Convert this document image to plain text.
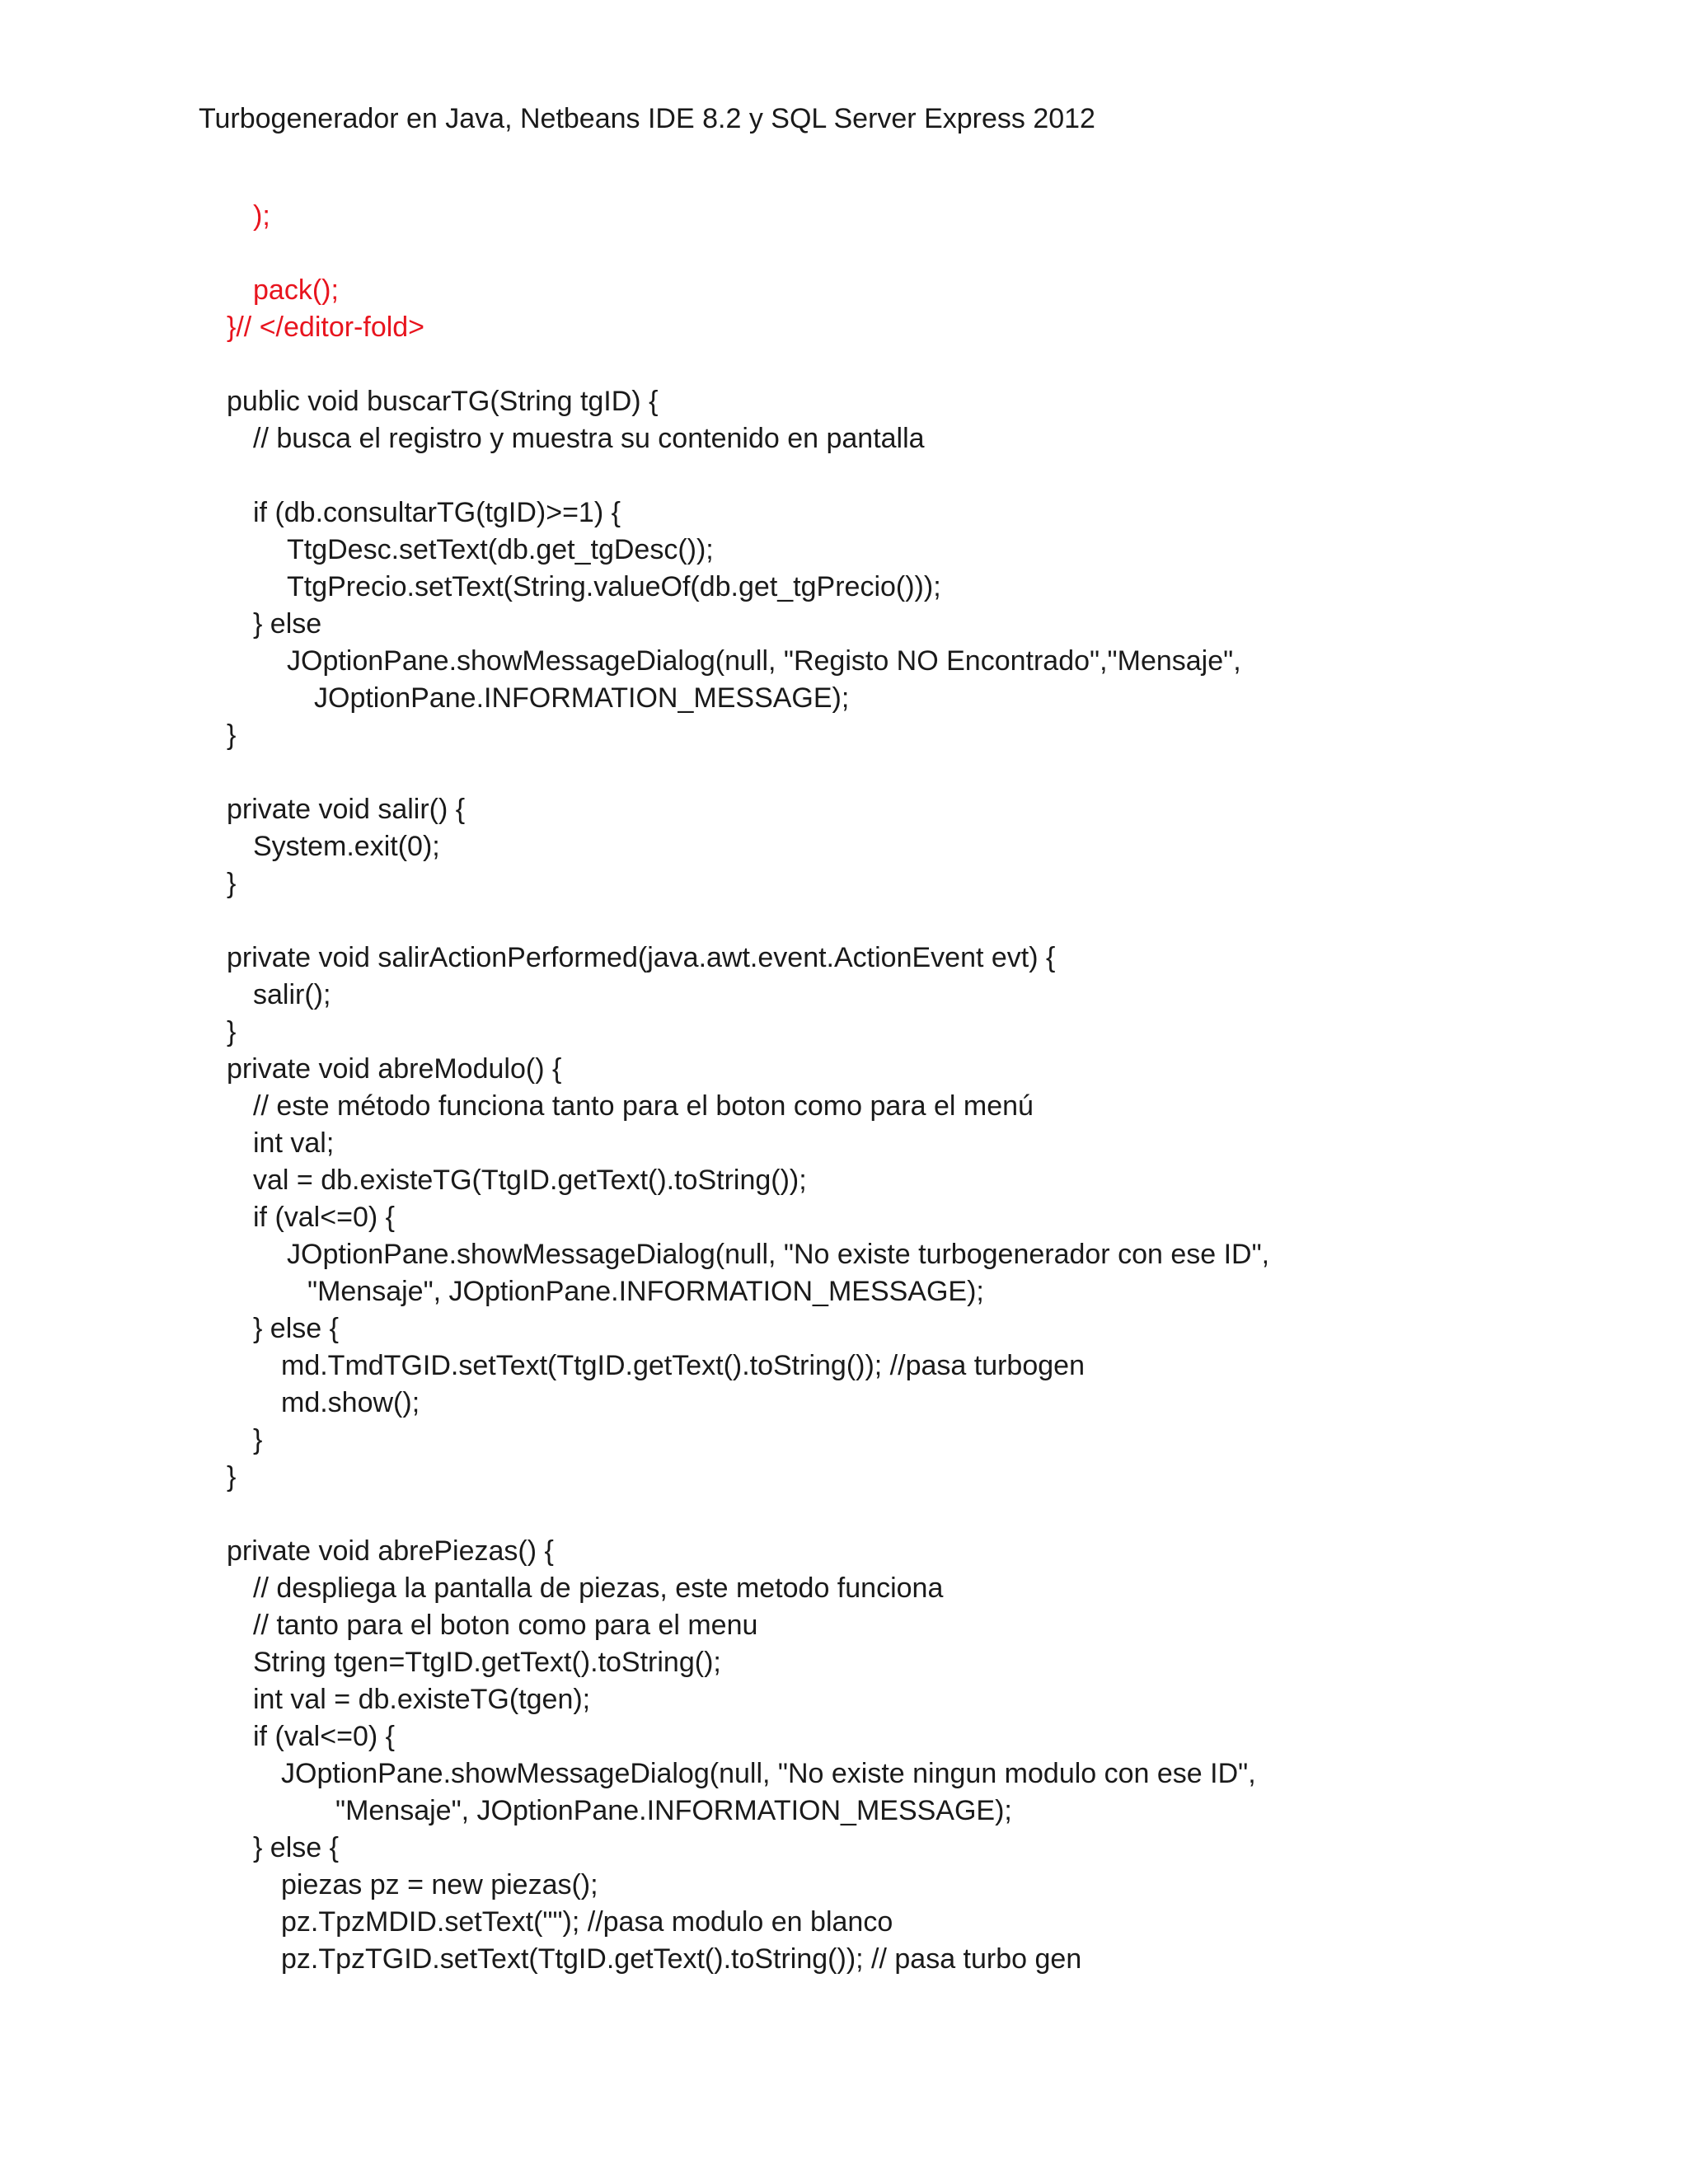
Turbogenerador en Java, Netbeans IDE 8.2 y SQL Server Express 2012
);
pack();
}// </editor-fold>
public void buscarTG(String tgID) {
// busca el registro y muestra su contenido en pantalla
if (db.consultarTG(tgID)>=1) {
TtgDesc.setText(db.get_tgDesc());
TtgPrecio.setText(String.valueOf(db.get_tgPrecio()));
} else
JOptionPane.showMessageDialog(null, "Registo NO Encontrado","Mensaje",
JOptionPane.INFORMATION_MESSAGE);
}
private void salir() {
System.exit(0);
}
private void salirActionPerformed(java.awt.event.ActionEvent evt) {
salir();
}
private void abreModulo() {
// este método funciona tanto para el boton como para el menú
int val;
val = db.existeTG(TtgID.getText().toString());
if (val<=0) {
JOptionPane.showMessageDialog(null, "No existe turbogenerador con ese ID",
"Mensaje", JOptionPane.INFORMATION_MESSAGE);
} else {
md.TmdTGID.setText(TtgID.getText().toString()); //pasa turbogen
md.show();
}
}
private void abrePiezas() {
// despliega la pantalla de piezas, este metodo funciona
// tanto para el boton como para el menu
String tgen=TtgID.getText().toString();
int val = db.existeTG(tgen);
if (val<=0) {
JOptionPane.showMessageDialog(null, "No existe ningun modulo con ese ID",
"Mensaje", JOptionPane.INFORMATION_MESSAGE);
} else {
piezas pz = new piezas();
pz.TpzMDID.setText(""); //pasa modulo en blanco
pz.TpzTGID.setText(TtgID.getText().toString()); // pasa turbo gen
